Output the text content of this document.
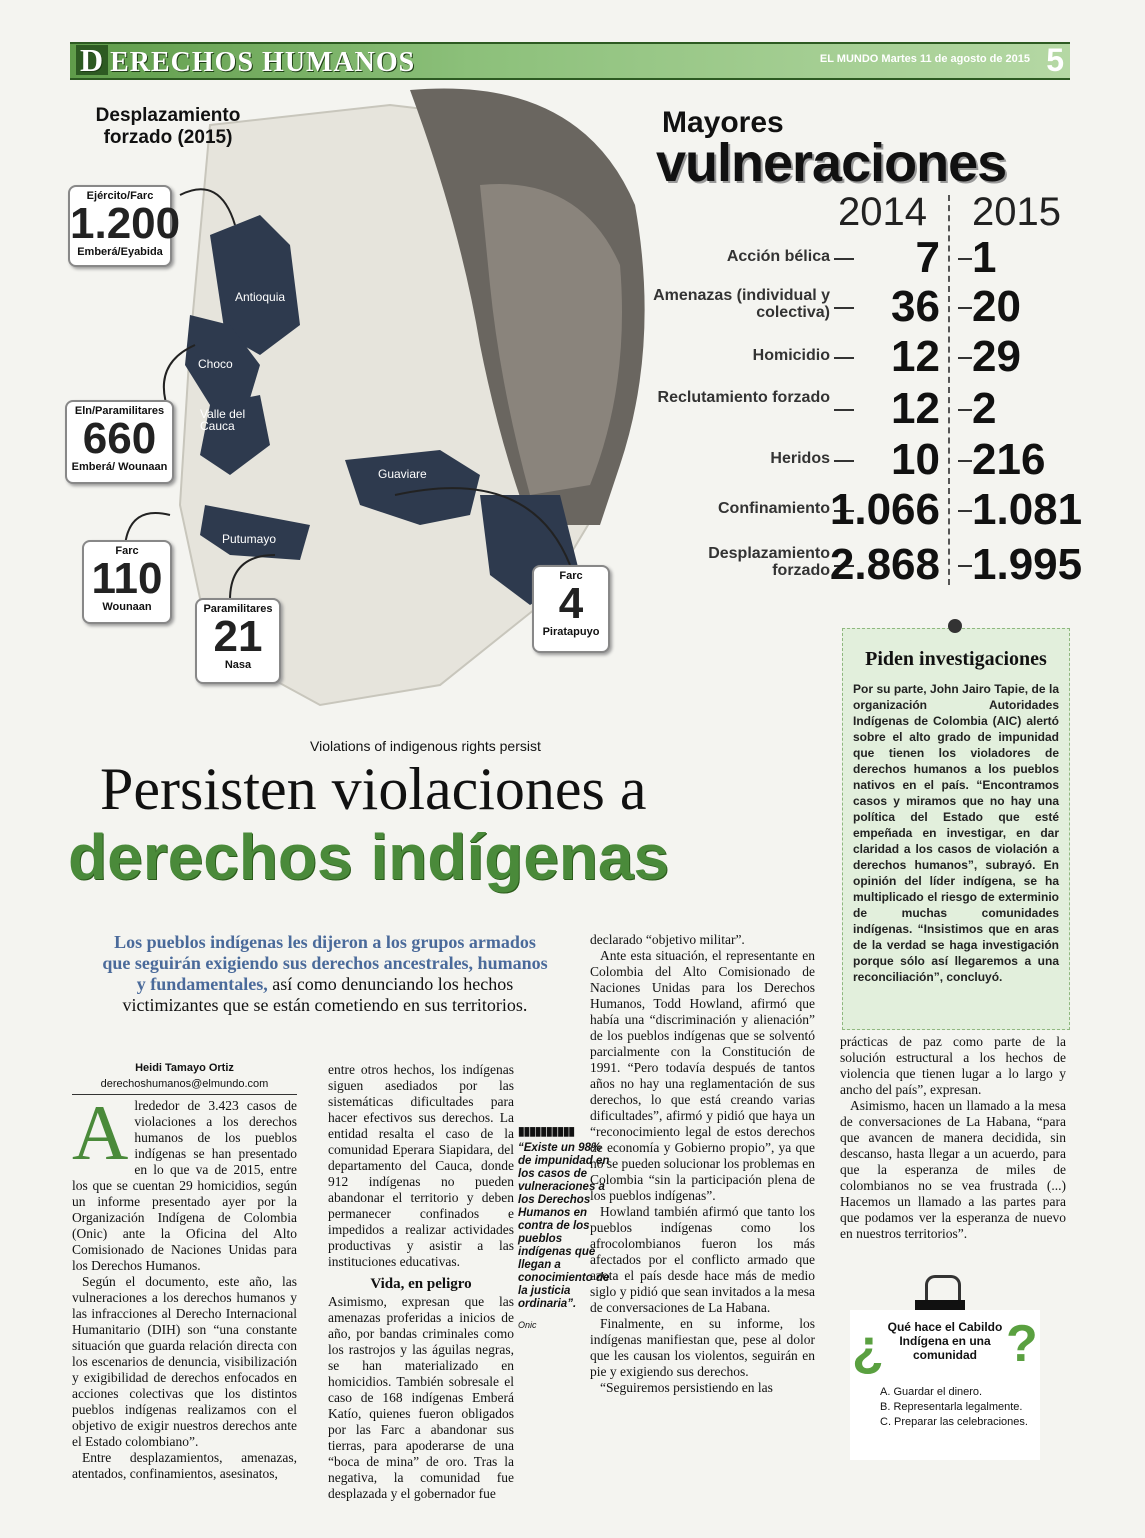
D ERECHOS HUMANOS	EL MUNDO Martes 11 de agosto de 2015 5
Desplazamiento forzado (2015)
Ejército/Farc
1.200
Emberá/Eyabida
Eln/Paramilitares
660
Emberá/ Wounaan
Farc
110
Wounaan	Paramilitares
21
Nasa
Farc
4
Piratapuyo
Antioquia
Choco
Valle del Cauca
Guaviare
Putumayo
Mayores
vulneraciones
2014 2015
Acción bélica 7 1
Amenazas (individual y colectiva) 36 20
Homicidio 12 29
Reclutamiento forzado 12 2
Heridos 10 216
Confinamiento 1.066 1.081
Desplazamiento forzado 2.868 1.995
Piden investigaciones

Por su parte, John Jairo Tapie, de la organización Autoridades Indígenas de Colombia (AIC) alertó sobre el alto grado de impunidad que tienen los violadores de derechos humanos a los pueblos nativos en el país. “Encontramos casos y miramos que no hay una política del Estado que esté empeñada en investigar, en dar claridad a los casos de violación a derechos humanos”, subrayó. En opinión del líder indígena, se ha multiplicado el riesgo de exterminio de muchas comunidades indígenas. “Insistimos que en aras de la verdad se haga investigación porque sólo así llegaremos a una reconciliación”, concluyó.

Violations of indigenous rights persist
Persisten violaciones a
derechos indígenas
Los pueblos indígenas les dijeron a los grupos armados que seguirán exigiendo sus derechos ancestrales, humanos y fundamentales, así como denunciando los hechos victimizantes que se están cometiendo en sus territorios.
Heidi Tamayo Ortiz
derechoshumanos@elmundo.com

Alrededor de 3.423 casos de violaciones a los derechos humanos de los pueblos indígenas se han presentado en lo que va de 2015, entre los que se cuentan 29 homicidios, según un informe presentado ayer por la Organización Indígena de Colombia (Onic) ante la Oficina del Alto Comisionado de Naciones Unidas para los Derechos Humanos.

Según el documento, este año, las vulneraciones a los derechos humanos y las infracciones al Derecho Internacional Humanitario (DIH) son “una constante situación que guarda relación directa con los escenarios de denuncia, visibilización y exigibilidad de derechos enfocados en acciones colectivas que los distintos pueblos indígenas realizamos con el objetivo de exigir nuestros derechos ante el Estado colombiano”.

Entre desplazamientos, amenazas, atentados, confinamientos, asesinatos,

entre otros hechos, los indígenas siguen asediados por las sistemáticas dificultades para hacer efectivos sus derechos. La entidad resalta el caso de la comunidad Eperara Siapidara, del departamento del Cauca, donde 912 indígenas no pueden abandonar el territorio y deben permanecer confinados e impedidos a realizar actividades productivas y asistir a las instituciones educativas.

Vida, en peligro

Asimismo, expresan que las amenazas proferidas a inicios de año, por bandas criminales como los rastrojos y las águilas negras, se han materializado en homicidios. También sobresale el caso de 168 indígenas Emberá Katío, quienes fueron obligados por las Farc a abandonar sus tierras, para apoderarse de una “boca de mina” de oro. Tras la negativa, la comunidad fue desplazada y el gobernador fue

▮▮▮▮▮▮▮▮▮▮
“Existe un 98% de impunidad en los casos de vulneraciones a los Derechos Humanos en contra de los pueblos indígenas que llegan a conocimiento de la justicia ordinaria”.
Onic

declarado “objetivo militar”.

Ante esta situación, el representante en Colombia del Alto Comisionado de Naciones Unidas para los Derechos Humanos, Todd Howland, afirmó que había una “discriminación y alienación” de los pueblos indígenas que se solventó parcialmente con la Constitución de 1991. “Pero todavía después de tantos años no hay una reglamentación de sus derechos, lo que está creando varias dificultades”, afirmó y pidió que haya un “reconocimiento legal de estos derechos de economía y Gobierno propio”, ya que no se pueden solucionar los problemas en Colombia “sin la participación plena de los pueblos indígenas”.

Howland también afirmó que tanto los pueblos indígenas como los afrocolombianos fueron los más afectados por el conflicto armado que azota el país desde hace más de medio siglo y pidió que sean invitados a la mesa de conversaciones de La Habana.

Finalmente, en su informe, los indígenas manifiestan que, pese al dolor que les causan los violentos, seguirán en pie y exigiendo sus derechos.

“Seguiremos persistiendo en las

prácticas de paz como parte de la solución estructural a los hechos de violencia que tienen lugar a lo largo y ancho del país”, expresan.

Asimismo, hacen un llamado a la mesa de conversaciones de La Habana, “para que avancen de manera decidida, sin descanso, hasta llegar a un acuerdo, para que la esperanza de miles de colombianos no se vea frustrada (...) Hacemos un llamado a las partes para que podamos ver la esperanza de nuevo en nuestros territorios”.

¿ ?
Qué hace el Cabildo Indígena en una comunidad
A. Guardar el dinero.
B. Representarla legalmente.
C. Preparar las celebraciones.
